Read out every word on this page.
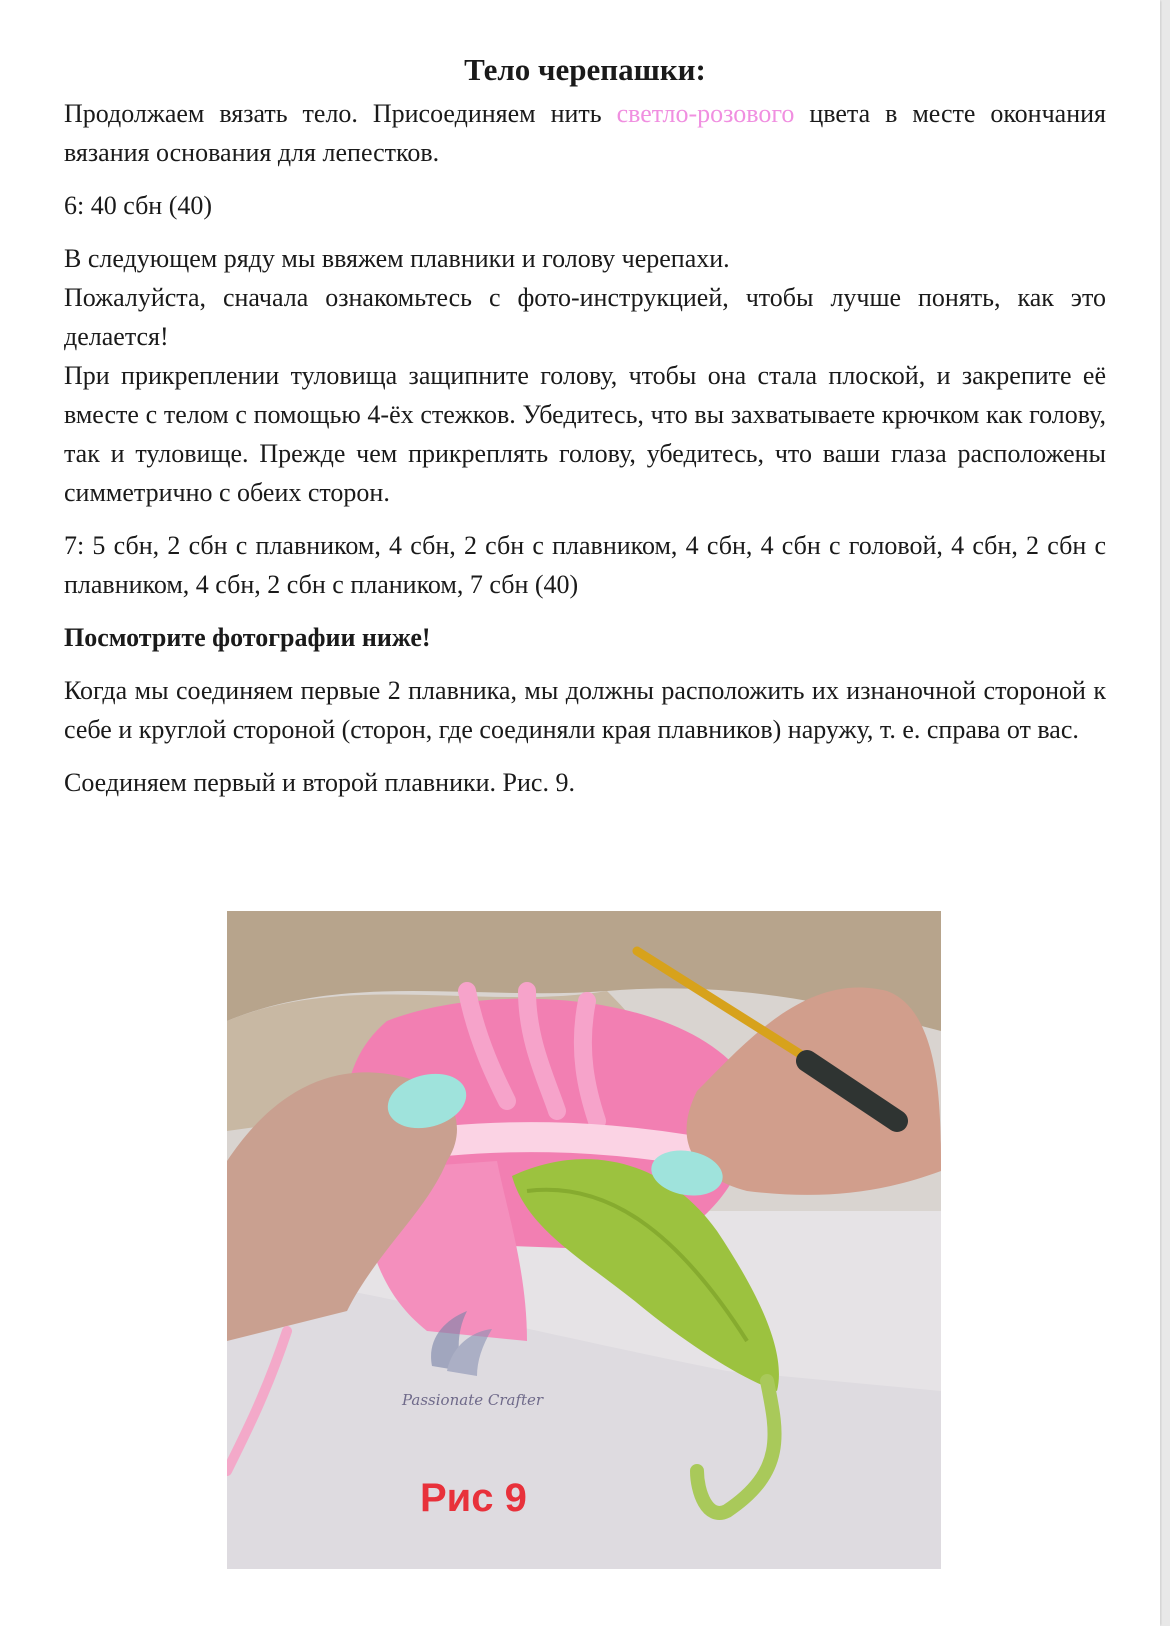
Тело черепашки:

Продолжаем вязать тело. Присоединяем нить светло-розового цвета в месте окончания вязания основания для лепестков.

6: 40 сбн (40)

В следующем ряду мы ввяжем плавники и голову черепахи.

Пожалуйста, сначала ознакомьтесь с фото-инструкцией, чтобы лучше понять, как это делается!

При прикреплении туловища защипните голову, чтобы она стала плоской, и закрепите её вместе с телом с помощью 4-ёх стежков. Убедитесь, что вы захватываете крючком как голову, так и туловище. Прежде чем прикреплять голову, убедитесь, что ваши глаза расположены симметрично с обеих сторон.

7: 5 сбн, 2 сбн с плавником, 4 сбн, 2 сбн с плавником, 4 сбн, 4 сбн с головой, 4 сбн, 2 сбн с плавником, 4 сбн, 2 сбн с плаником, 7 сбн (40)

Посмотрите фотографии ниже!

Когда мы соединяем первые 2 плавника, мы должны расположить их изнаночной стороной к себе и круглой стороной (сторон, где соединяли края плавников) наружу, т. е. справа от вас.

Соединяем первый и второй плавники. Рис. 9.

Passionate Crafter
Рис 9
